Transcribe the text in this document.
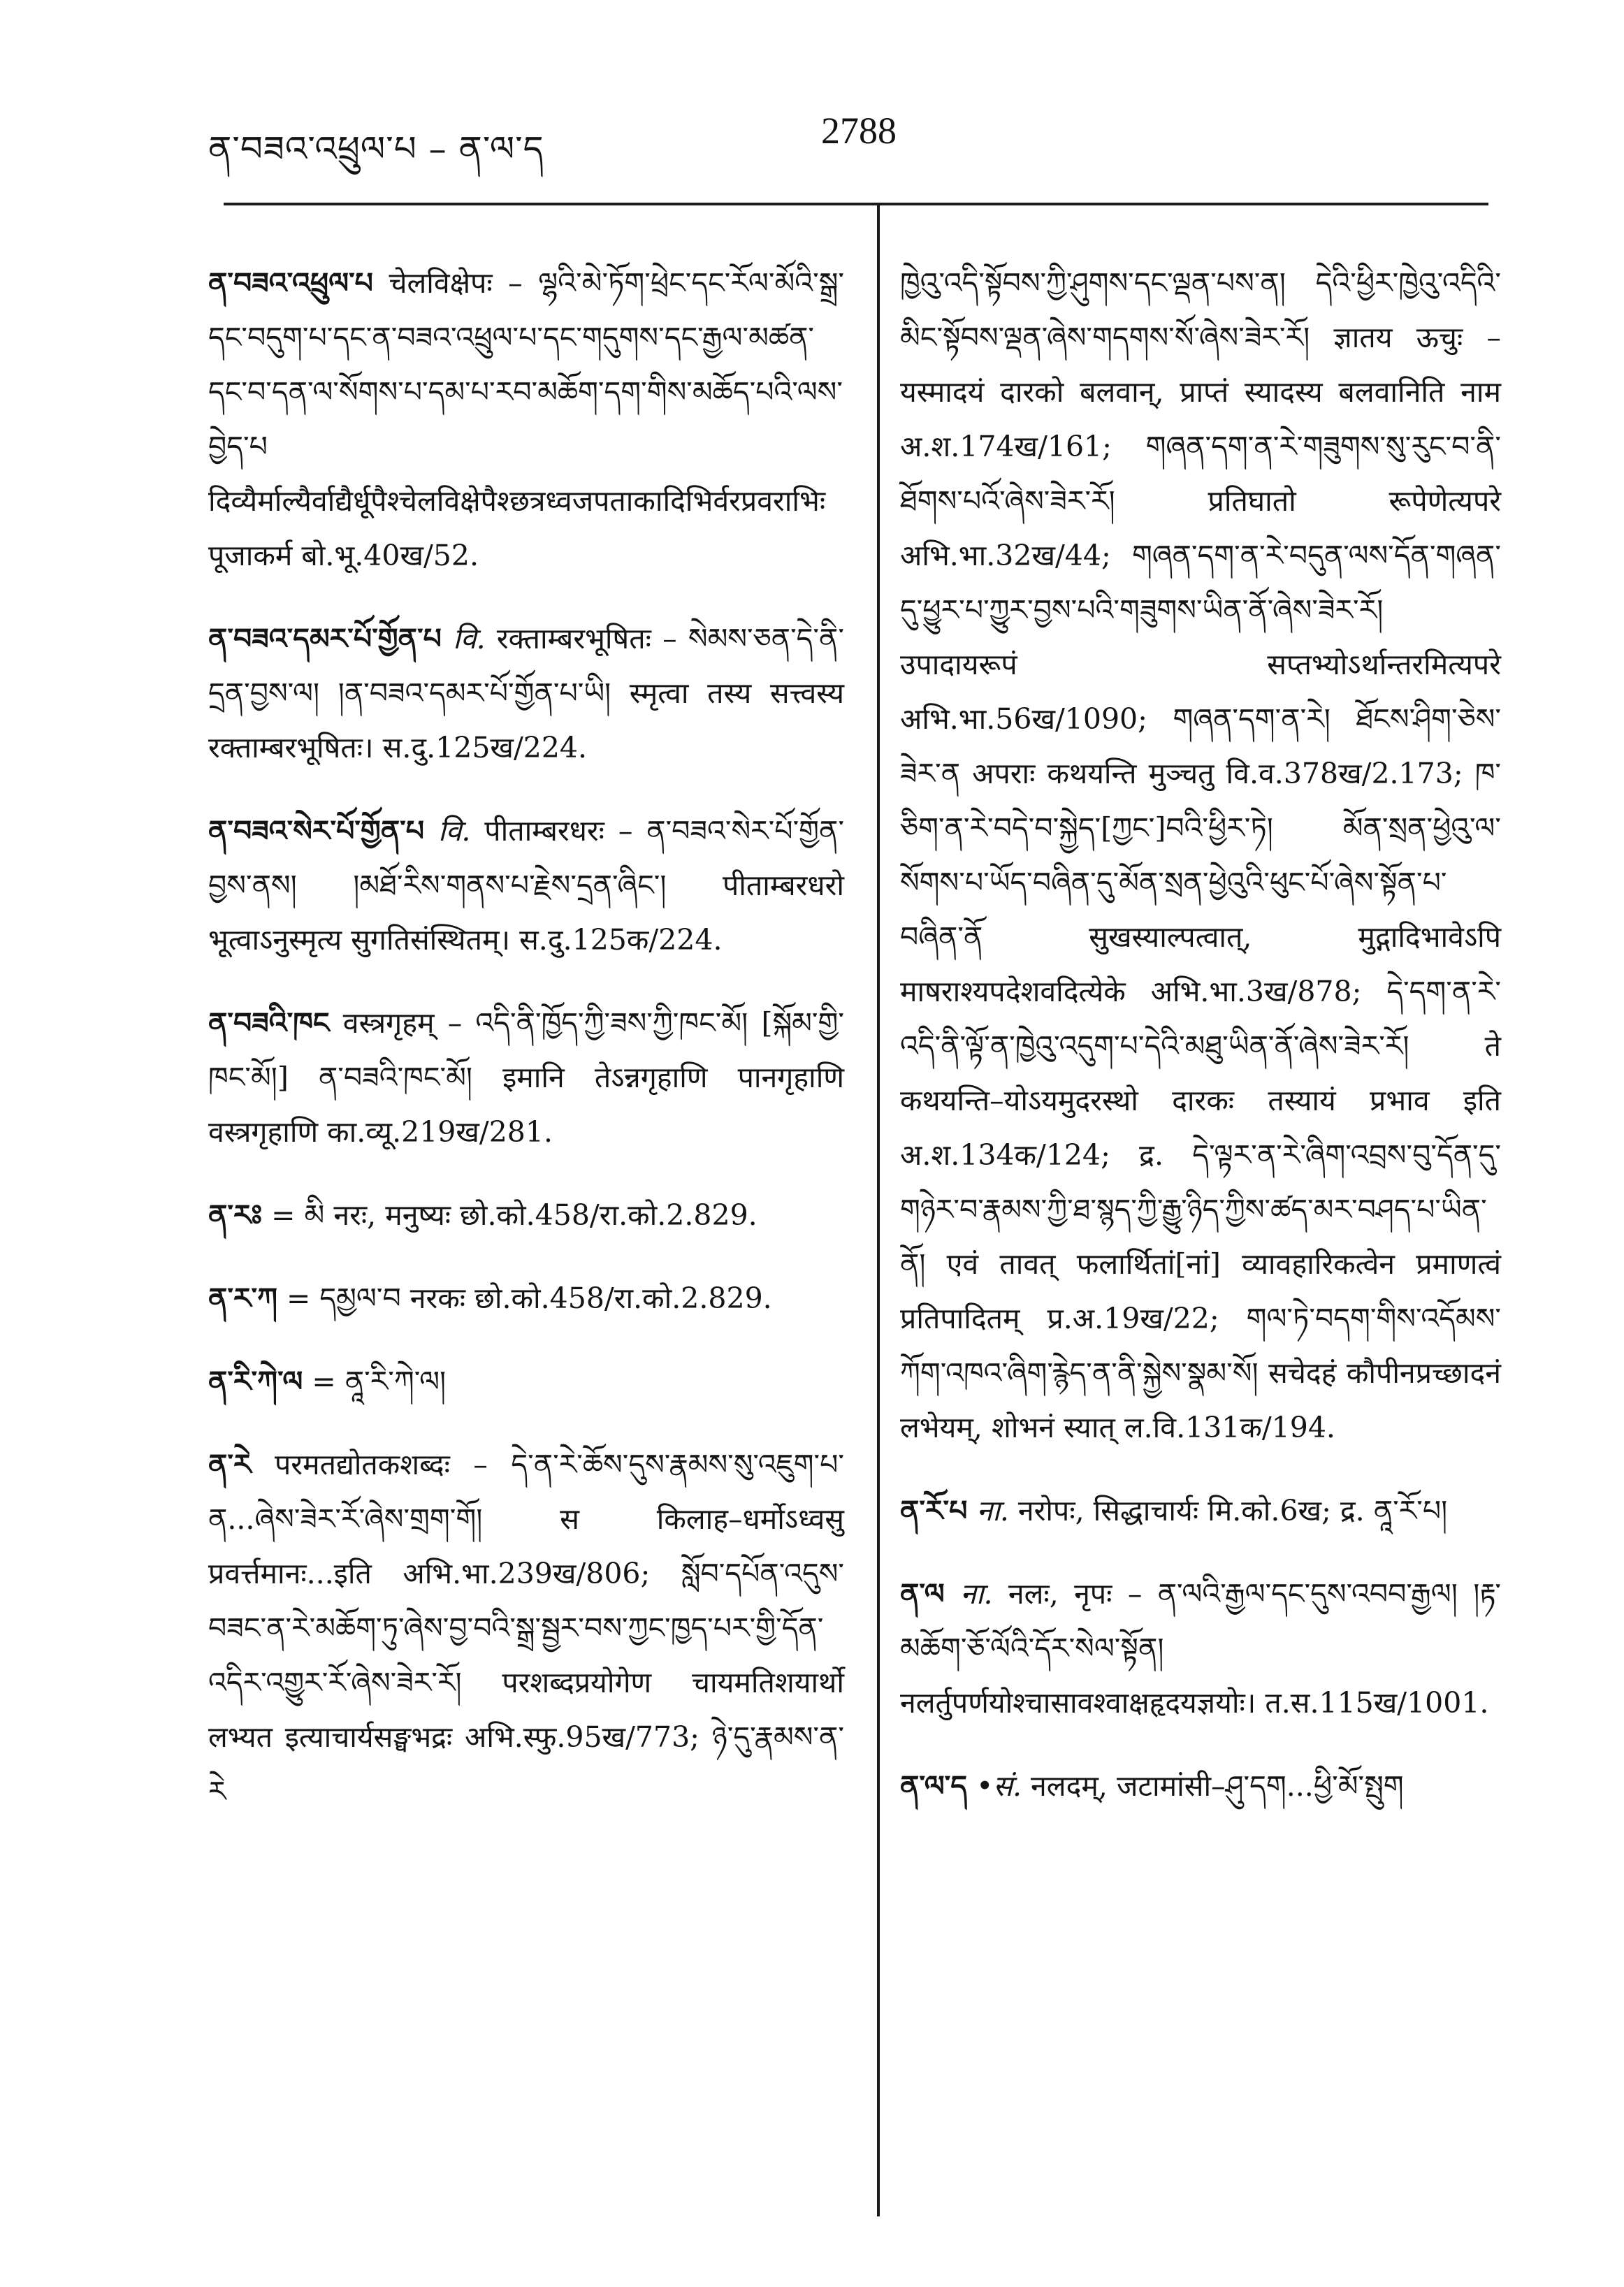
ན་བཟའ་འཕྲུལ་པ – ན་ལ་ད	2788

ན་བཟའ་འཕྲུལ་པ चेलविक्षेपः – ལྷའི་མེ་ཏོག་ཕྲེང་དང་རོལ་མོའི་སྒྲ་དང་བདུག་པ་དང་ན་བཟའ་འཕྲུལ་པ་དང་གདུགས་དང་རྒྱལ་མཚན་དང་བ་དན་ལ་སོགས་པ་དམ་པ་རབ་མཆོག་དག་གིས་མཆོད་པའི་ལས་བྱེད་པ दिव्यैर्माल्यैर्वाद्यैर्धूपैश्चेलविक्षेपैश्छत्रध्वजपताकादिभिर्वरप्रवराभिः पूजाकर्म बो.भू.40ख/52.

ན་བཟའ་དམར་པོ་གྱོན་པ वि. रक्ताम्बरभूषितः – སེམས་ཅན་དེ་ནི་དྲན་བྱས་ལ། །ན་བཟའ་དམར་པོ་གྱོན་པ་ཡི། स्मृत्वा तस्य सत्त्वस्य रक्ताम्बरभूषितः। स.दु.125ख/224.

ན་བཟའ་སེར་པོ་གྱོན་པ वि. पीताम्बरधरः – ན་བཟའ་སེར་པོ་གྱོན་བྱས་ནས། །མཐོ་རིས་གནས་པ་རྗེས་དྲན་ཞིང་། पीताम्बरधरो भूत्वाऽनुस्मृत्य सुगतिसंस्थितम्। स.दु.125क/224.

ན་བཟའི་ཁང वस्त्रगृहम् – འདི་ནི་ཁྱོད་ཀྱི་ཟས་ཀྱི་ཁང་མོ། [སྐོམ་གྱི་ཁང་མོ།] ན་བཟའི་ཁང་མོ། इमानि तेऽन्नगृहाणि पानगृहाणि वस्त्रगृहाणि का.व्यू.219ख/281.

ན་རཿ = མི नरः, मनुष्यः छो.को.458/रा.को.2.829.

ན་ར་ཀ = དམྱལ་བ नरकः छो.को.458/रा.को.2.829.

ན་རི་ཀེ་ལ = ནཱ་རི་ཀེ་ལ།

ན་རེ परमतद्योतकशब्दः – དེ་ན་རེ་ཆོས་དུས་རྣམས་སུ་འཇུག་པ་ན...ཞེས་ཟེར་རོ་ཞེས་གྲག་གོ། स किलाह–धर्मोऽध्वसु प्रवर्त्तमानः...इति अभि.भा.239ख/806; སློབ་དཔོན་འདུས་བཟང་ན་རེ་མཆོག་ཏུ་ཞེས་བྱ་བའི་སྒྲ་སྦྱར་བས་ཀྱང་ཁྱད་པར་གྱི་དོན་འདིར་འགྱུར་རོ་ཞེས་ཟེར་རོ། परशब्दप्रयोगेण चायमतिशयार्थो लभ्यत इत्याचार्यसङ्घभद्रः अभि.स्फु.95ख/773; ཉེ་དུ་རྣམས་ན་རེ

ཁྱེའུ་འདི་སྟོབས་ཀྱི་ཤུགས་དང་ལྡན་པས་ན། དེའི་ཕྱིར་ཁྱེའུ་འདིའི་མིང་སྟོབས་ལྡན་ཞེས་གདགས་སོ་ཞེས་ཟེར་རོ། ज्ञातय ऊचुः – यस्मादयं दारको बलवान्, प्राप्तं स्यादस्य बलवानिति नाम अ.श.174ख/161; གཞན་དག་ན་རེ་གཟུགས་སུ་རུང་བ་ནི་ཐོགས་པའོ་ཞེས་ཟེར་རོ། प्रतिघातो रूपेणेत्यपरे अभि.भा.32ख/44; གཞན་དག་ན་རེ་བདུན་ལས་དོན་གཞན་དུ་ཕྱུར་པ་ཀྱུར་བྱས་པའི་གཟུགས་ཡིན་ནོ་ཞེས་ཟེར་རོ། उपादायरूपं सप्तभ्योऽर्थान्तरमित्यपरे अभि.भा.56ख/1090; གཞན་དག་ན་རེ། ཐོངས་ཤིག་ཅེས་ཟེར་ན अपराः कथयन्ति मुञ्चतु वि.व.378ख/2.173; ཁ་ཅིག་ན་རེ་བདེ་བ་སྐྱེད་[ཀྱང་]བའི་ཕྱིར་ཏེ། མོན་སྲན་ཕྱེའུ་ལ་སོགས་པ་ཡོད་བཞིན་དུ་མོན་སྲན་ཕྱེའུའི་ཕུང་པོ་ཞེས་སྟོན་པ་བཞིན་ནོ सुखस्याल्पत्वात्, मुद्गादिभावेऽपि माषराश्यपदेशवदित्येके अभि.भा.3ख/878; དེ་དག་ན་རེ་འདི་ནི་ལྟོ་ན་ཁྱེའུ་འདུག་པ་དེའི་མཐུ་ཡིན་ནོ་ཞེས་ཟེར་རོ། ते कथयन्ति–योऽयमुदरस्थो दारकः तस्यायं प्रभाव इति अ.श.134क/124; द्र. དེ་ལྟར་ན་རེ་ཞིག་འབྲས་བུ་དོན་དུ་གཉེར་བ་རྣམས་ཀྱི་ཐ་སྙད་ཀྱི་རྒྱུ་ཉིད་ཀྱིས་ཚད་མར་བཤད་པ་ཡིན་ནོ། एवं तावत् फलार्थितां[नां] व्यावहारिकत्वेन प्रमाणत्वं प्रतिपादितम् प्र.अ.19ख/22; གལ་ཏེ་བདག་གིས་འདོམས་ཀོག་འཁའ་ཞིག་རྙེད་ན་ནི་སྐྱེས་སྣམ་སོ། सचेदहं कौपीनप्रच्छादनं लभेयम्, शोभनं स्यात् ल.वि.131क/194.

ན་རོ་པ ना. नरोपः, सिद्धाचार्यः मि.को.6ख; द्र. ནཱ་རོ་པ།

ན་ལ ना. नलः, नृपः – ན་ལའི་རྒྱལ་དང་དུས་འབབ་རྒྱལ། །རྟ་མཆོག་ཅོ་ལོའི་དོར་སེལ་སྟོན། नलर्तुपर्णयोश्चासावश्वाक्षहृदयज्ञयोः। त.स.115ख/1001.

ན་ལ་ད •सं. नलदम्, जटामांसी–ཤུ་དག...ཕྱི་མོ་སྤུག
